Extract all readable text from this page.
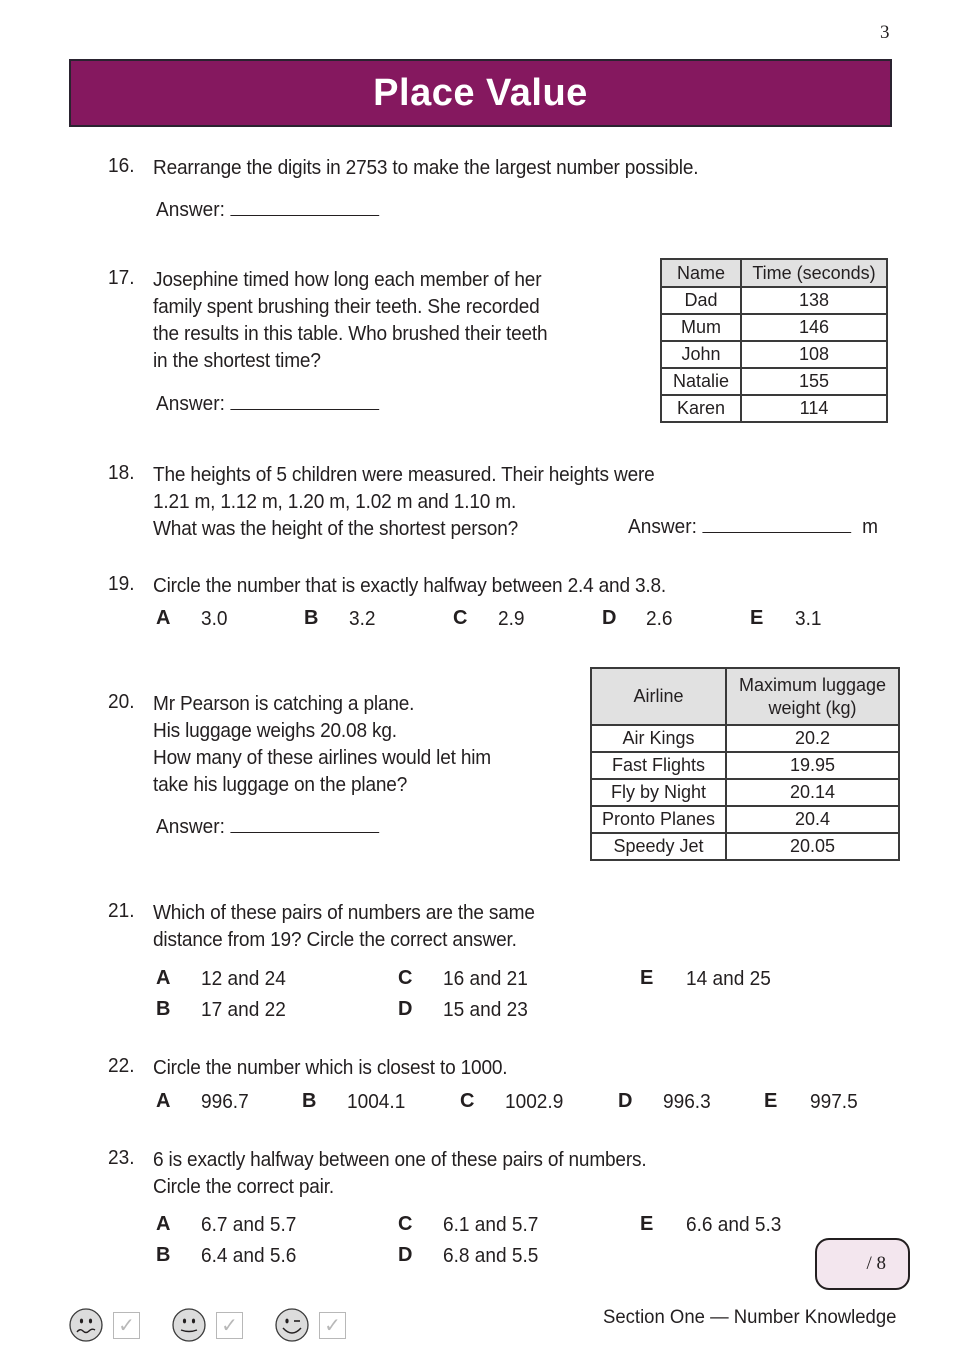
3
Place Value
16. Rearrange the digits in 2753 to make the largest number possible.
Answer:
17. Josephine timed how long each member of her
family spent brushing their teeth. She recorded
the results in this table. Who brushed their teeth
in the shortest time?
Answer:
Name	Time (seconds)
Dad	138
Mum	146
John	108
Natalie	155
Karen	114
18. The heights of 5 children were measured. Their heights were
1.21 m, 1.12 m, 1.20 m, 1.02 m and 1.10 m.
What was the height of the shortest person?	Answer:	m
19. Circle the number that is exactly halfway between 2.4 and 3.8.
A 3.0	B 3.2	C 2.9	D 2.6	E 3.1
20. Mr Pearson is catching a plane.
His luggage weighs 20.08 kg.
How many of these airlines would let him
take his luggage on the plane?
Answer:
Airline	Maximum luggage
weight (kg)

Air Kings	20.2
Fast Flights	19.95
Fly by Night	20.14
Pronto Planes	20.4
Speedy Jet	20.05
21. Which of these pairs of numbers are the same
distance from 19? Circle the correct answer.
A 12 and 24
B 17 and 22
C 16 and 21
D 15 and 23
E 14 and 25
22. Circle the number which is closest to 1000.
A 996.7	B 1004.1	C 1002.9	D 996.3	E 997.5
23. 6 is exactly halfway between one of these pairs of numbers.
Circle the correct pair.
A 6.7 and 5.7
B 6.4 and 5.6
C 6.1 and 5.7
D 6.8 and 5.5
E 6.6 and 5.3
/ 8
✓	✓	✓	Section One — Number Knowledge
